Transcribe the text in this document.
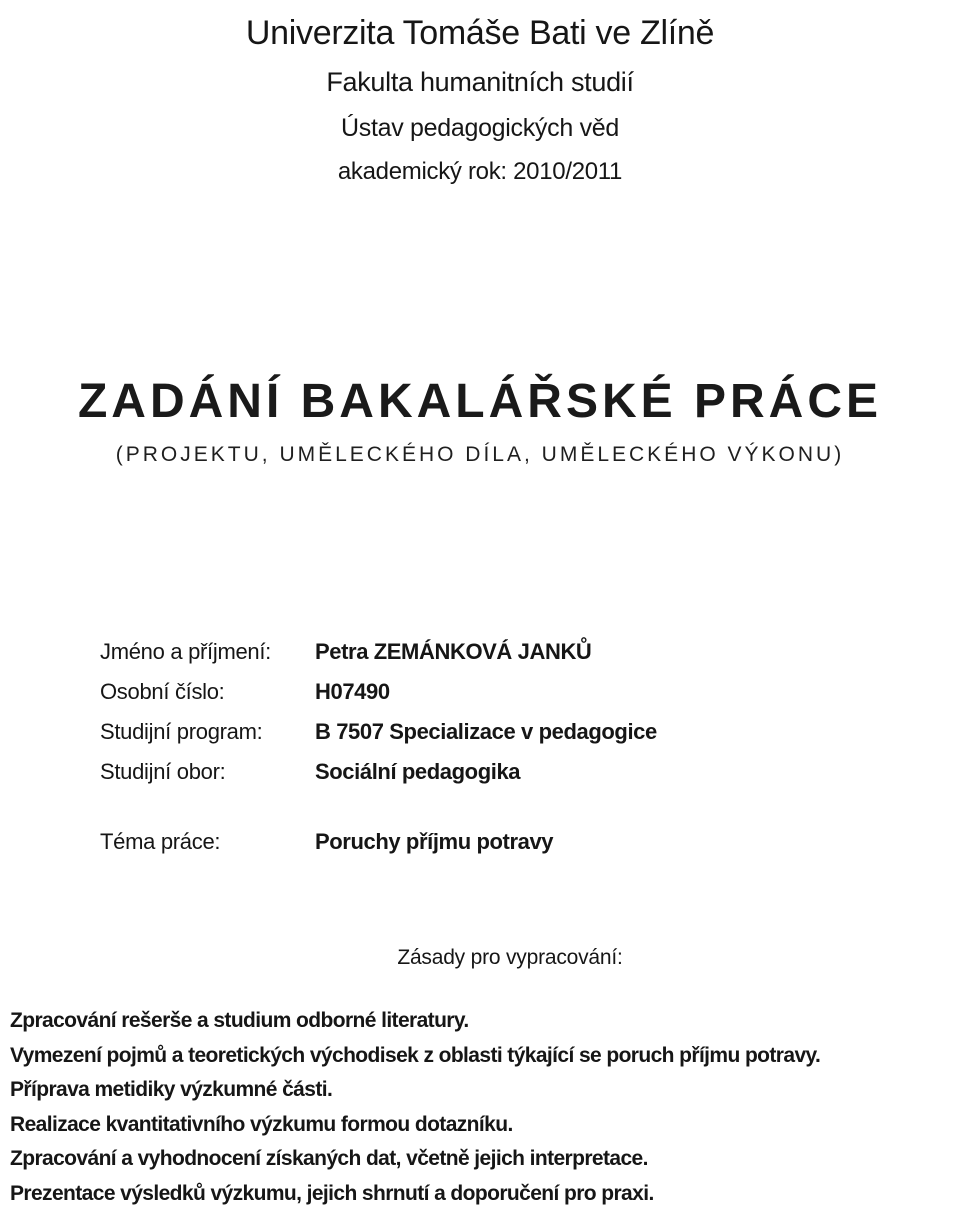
Univerzita Tomáše Bati ve Zlíně
Fakulta humanitních studií
Ústav pedagogických věd
akademický rok: 2010/2011
ZADÁNÍ BAKALÁŘSKÉ PRÁCE
(PROJEKTU, UMĚLECKÉHO DÍLA, UMĚLECKÉHO VÝKONU)
Jméno a příjmení:	Petra ZEMÁNKOVÁ JANKŮ
Osobní číslo:	H07490
Studijní program:	B 7507 Specializace v pedagogice
Studijní obor:	Sociální pedagogika
Téma práce:	Poruchy příjmu potravy
Zásady pro vypracování:
Zpracování rešerše a studium odborné literatury.
Vymezení pojmů a teoretických východisek z oblasti týkající se poruch příjmu potravy.
Příprava metidiky výzkumné části.
Realizace kvantitativního výzkumu formou dotazníku.
Zpracování a vyhodnocení získaných dat, včetně jejich interpretace.
Prezentace výsledků výzkumu, jejich shrnutí a doporučení pro praxi.
